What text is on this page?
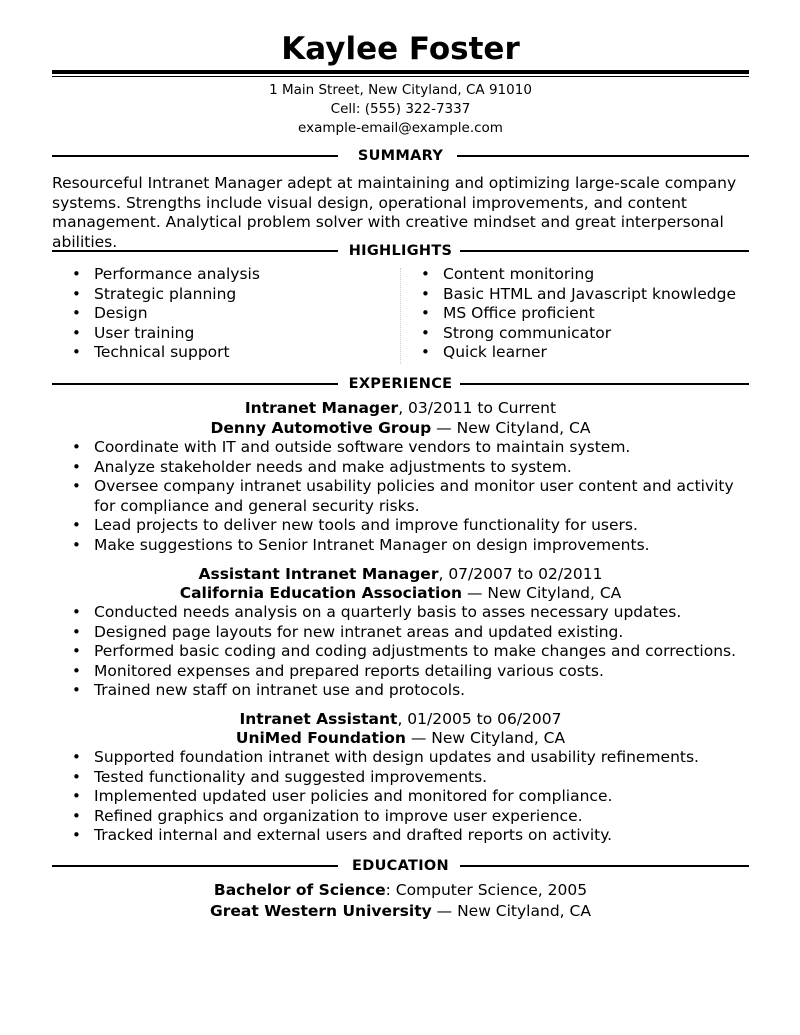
Kaylee Foster
1 Main Street, New Cityland, CA 91010
Cell: (555) 322-7337
example-email@example.com
SUMMARY
Resourceful Intranet Manager adept at maintaining and optimizing large-scale company systems. Strengths include visual design, operational improvements, and content management. Analytical problem solver with creative mindset and great interpersonal abilities.
HIGHLIGHTS
• Performance analysis
• Strategic planning
• Design
• User training
• Technical support
• Content monitoring
• Basic HTML and Javascript knowledge
• MS Office proficient
• Strong communicator
• Quick learner
EXPERIENCE
Intranet Manager, 03/2011 to Current
Denny Automotive Group — New Cityland, CA
• Coordinate with IT and outside software vendors to maintain system.
• Analyze stakeholder needs and make adjustments to system.
• Oversee company intranet usability policies and monitor user content and activity for compliance and general security risks.
• Lead projects to deliver new tools and improve functionality for users.
• Make suggestions to Senior Intranet Manager on design improvements.
Assistant Intranet Manager, 07/2007 to 02/2011
California Education Association — New Cityland, CA
• Conducted needs analysis on a quarterly basis to asses necessary updates.
• Designed page layouts for new intranet areas and updated existing.
• Performed basic coding and coding adjustments to make changes and corrections.
• Monitored expenses and prepared reports detailing various costs.
• Trained new staff on intranet use and protocols.
Intranet Assistant, 01/2005 to 06/2007
UniMed Foundation — New Cityland, CA
• Supported foundation intranet with design updates and usability refinements.
• Tested functionality and suggested improvements.
• Implemented updated user policies and monitored for compliance.
• Refined graphics and organization to improve user experience.
• Tracked internal and external users and drafted reports on activity.
EDUCATION
Bachelor of Science: Computer Science, 2005
Great Western University — New Cityland, CA
